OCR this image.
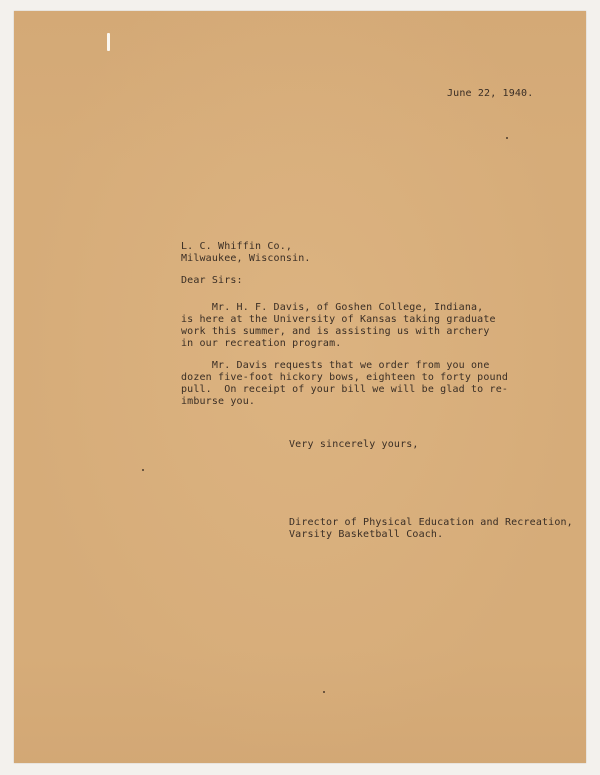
June 22, 1940.

L. C. Whiffin Co.,
Milwaukee, Wisconsin.

Dear Sirs:

Mr. H. F. Davis, of Goshen College, Indiana,
is here at the University of Kansas taking graduate
work this summer, and is assisting us with archery
in our recreation program.
Mr. Davis requests that we order from you one
dozen five-foot hickory bows, eighteen to forty pound
pull.  On receipt of your bill we will be glad to re-
imburse you.

Very sincerely yours,

Director of Physical Education and Recreation,
Varsity Basketball Coach.
